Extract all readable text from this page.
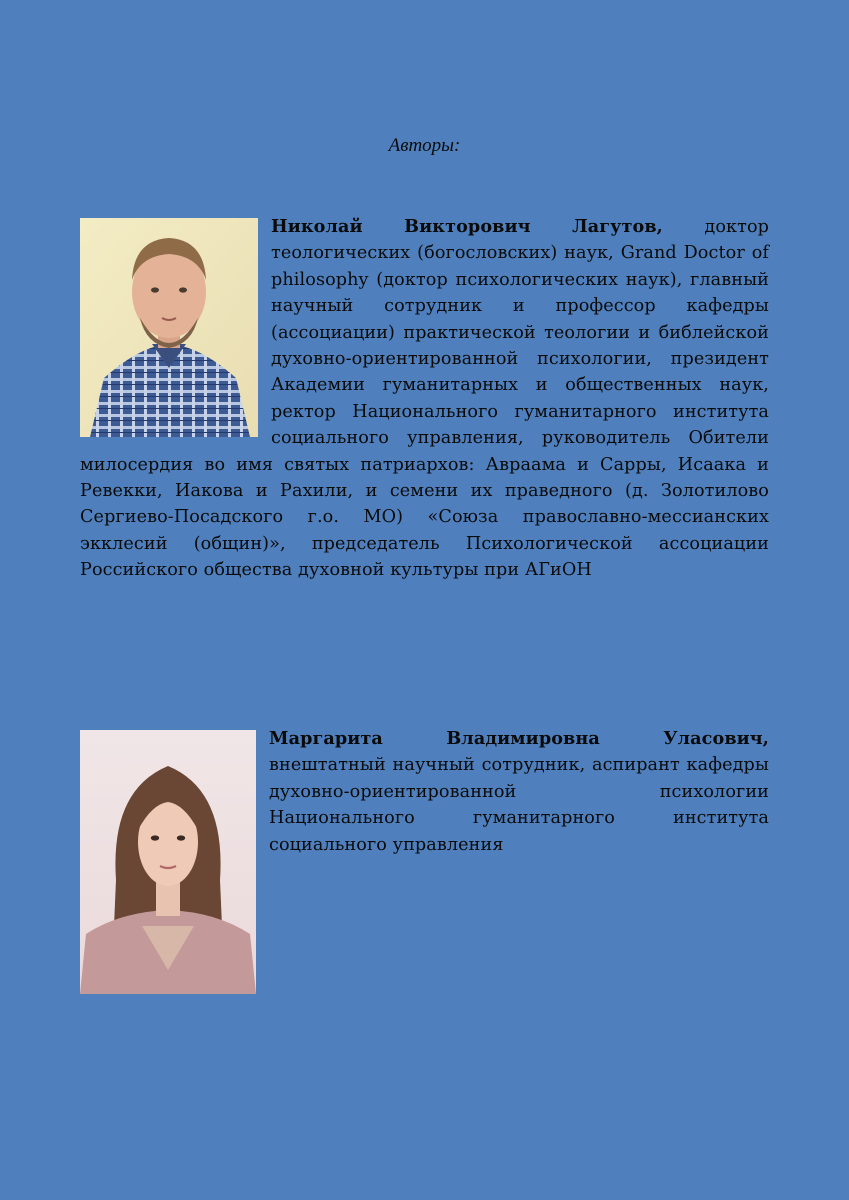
Авторы:
Николай Викторович Лагутов, доктор теологических (богословских) наук, Grand Doctor of philosophy (доктор психологических наук), главный научный сотрудник и профессор кафедры (ассоциации) практической теологии и библейской духовно-ориентированной психологии, президент Академии гуманитарных и общественных наук, ректор Национального гуманитарного института социального управления, руководитель Обители милосердия во имя святых патриархов: Авраама и Сарры, Исаака и Ревекки, Иакова и Рахили, и семени их праведного (д. Золотилово Сергиево-Посадского г.о. МО) «Союза православно-мессианских экклесий (общин)», председатель Психологической ассоциации Российского общества духовной культуры при АГиОН
Маргарита Владимировна Уласович, внештатный научный сотрудник, аспирант кафедры духовно-ориентированной психологии Национального гуманитарного института социального управления
